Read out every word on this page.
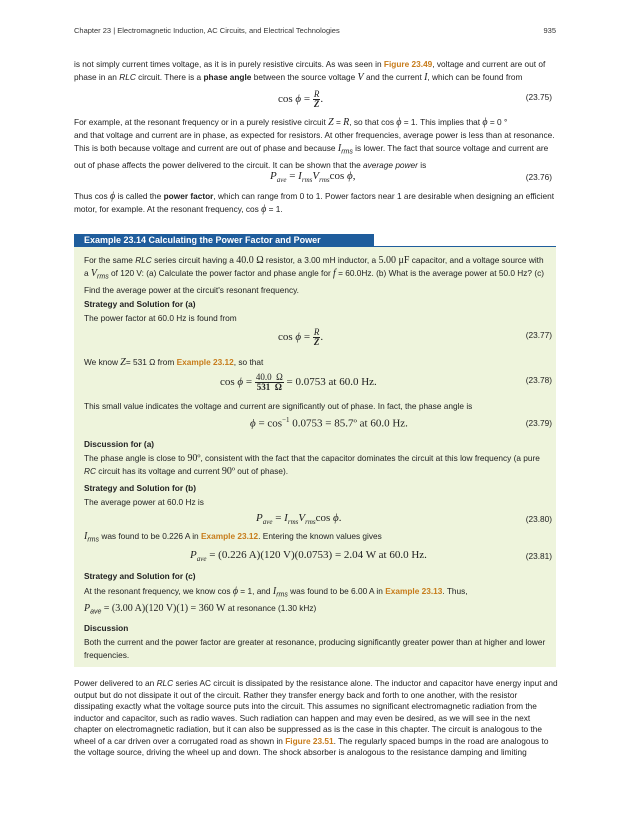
Chapter 23 | Electromagnetic Induction, AC Circuits, and Electrical Technologies	935
is not simply current times voltage, as it is in purely resistive circuits. As was seen in Figure 23.49, voltage and current are out of phase in an RLC circuit. There is a phase angle between the source voltage V and the current I, which can be found from
$\cos \phi = \frac{R}{Z}$ .	(23.75)
For example, at the resonant frequency or in a purely resistive circuit Z = R, so that cos ϕ = 1. This implies that ϕ = 0 °
and that voltage and current are in phase, as expected for resistors. At other frequencies, average power is less than at resonance. This is both because voltage and current are out of phase and because $I_{rms}$ is lower. The fact that source voltage and current are out of phase affects the power delivered to the circuit. It can be shown that the average power is
$P_{ave} = I_{rms}V_{rms}\cos$ ϕ,	(23.76)
Thus cos ϕ is called the power factor, which can range from 0 to 1. Power factors near 1 are desirable when designing an efficient motor, for example. At the resonant frequency, cos ϕ = 1.
Example 23.14 Calculating the Power Factor and Power
For the same RLC series circuit having a 40.0 Ω resistor, a 3.00 mH inductor, a 5.00 μF capacitor, and a voltage source with a $V_{rms}$ of 120 V: (a) Calculate the power factor and phase angle for f = 60.0Hz. (b) What is the average power at 50.0 Hz? (c) Find the average power at the circuit's resonant frequency.
Strategy and Solution for (a)
The power factor at 60.0 Hz is found from
$\cos \phi = \frac{R}{Z}$ .	(23.77)
We know Z= 531 Ω from Example 23.12, so that
$\cos \phi = \frac{40.0 \Omega}{531 \Omega} = 0.0753$ at 60.0 Hz.	(23.78)
This small value indicates the voltage and current are significantly out of phase. In fact, the phase angle is
$\phi = \cos^{-1} 0.0753$ = 85.7º at 60.0 Hz.	(23.79)
Discussion for (a)
The phase angle is close to 90º, consistent with the fact that the capacitor dominates the circuit at this low frequency (a pure RC circuit has its voltage and current 90º out of phase).
Strategy and Solution for (b)
The average power at 60.0 Hz is
$P_{ave} = I_{rms}V_{rms}\cos$ ϕ.	(23.80)
$I_{rms}$ was found to be 0.226 A in Example 23.12. Entering the known values gives
$P_{ave} = (0.226$ A)(120 V)(0.0753) = 2.04 W at 60.0 Hz.	(23.81)
Strategy and Solution for (c)
At the resonant frequency, we know cos ϕ = 1, and $I_{rms}$ was found to be 6.00 A in Example 23.13. Thus,
$P_{ave} = (3.00$ A)(120 V)(1) = 360 W at resonance (1.30 kHz)
Discussion
Both the current and the power factor are greater at resonance, producing significantly greater power than at higher and lower frequencies.
Power delivered to an RLC series AC circuit is dissipated by the resistance alone. The inductor and capacitor have energy input and output but do not dissipate it out of the circuit. Rather they transfer energy back and forth to one another, with the resistor dissipating exactly what the voltage source puts into the circuit. This assumes no significant electromagnetic radiation from the inductor and capacitor, such as radio waves. Such radiation can happen and may even be desired, as we will see in the next chapter on electromagnetic radiation, but it can also be suppressed as is the case in this chapter. The circuit is analogous to the wheel of a car driven over a corrugated road as shown in Figure 23.51. The regularly spaced bumps in the road are analogous to the voltage source, driving the wheel up and down. The shock absorber is analogous to the resistance damping and limiting
